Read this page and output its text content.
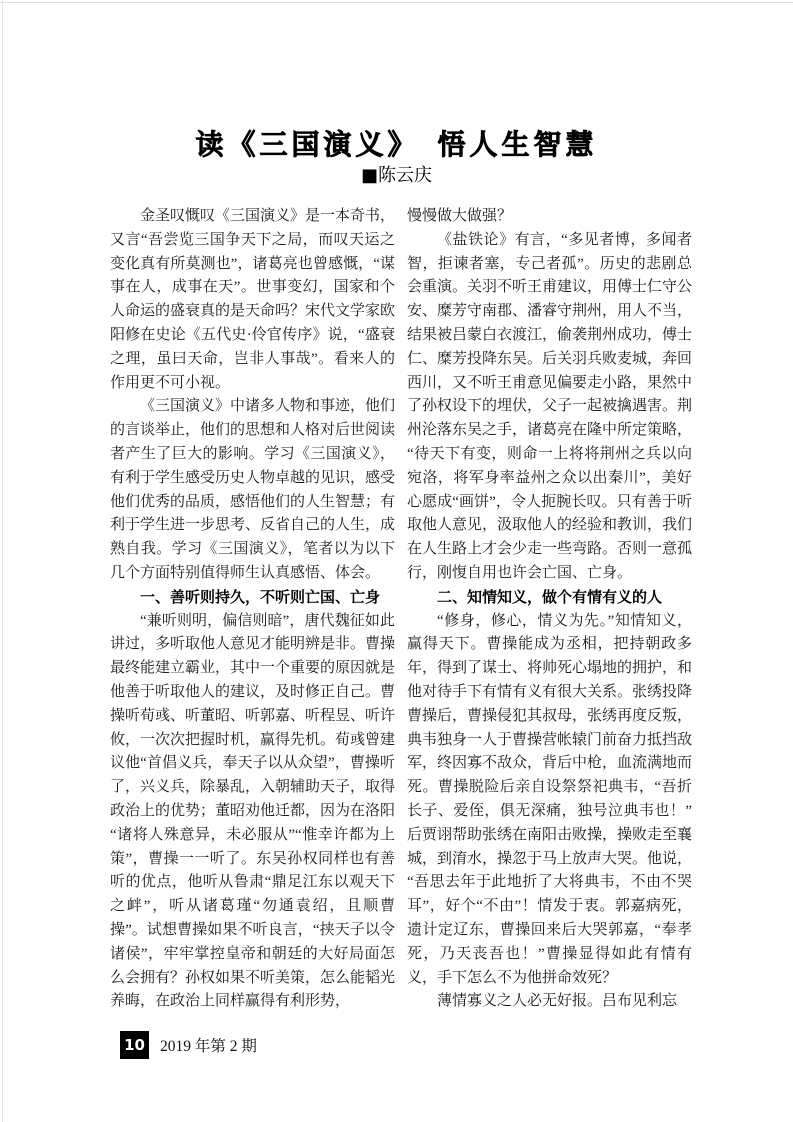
读《三国演义》　悟人生智慧
■陈云庆
金圣叹慨叹《三国演义》是一本奇书，又言“吾尝览三国争天下之局，而叹天运之变化真有所莫测也”，诸葛亮也曾感慨，“谋事在人，成事在天”。世事变幻，国家和个人命运的盛衰真的是天命吗？宋代文学家欧阳修在史论《五代史·伶官传序》说，“盛衰之理，虽曰天命，岂非人事哉”。看来人的作用更不可小视。
《三国演义》中诸多人物和事迹，他们的言谈举止，他们的思想和人格对后世阅读者产生了巨大的影响。学习《三国演义》，有利于学生感受历史人物卓越的见识，感受他们优秀的品质，感悟他们的人生智慧；有利于学生进一步思考、反省自己的人生，成熟自我。学习《三国演义》，笔者以为以下几个方面特别值得师生认真感悟、体会。
一、善听则持久，不听则亡国、亡身
“兼听则明，偏信则暗”，唐代魏征如此讲过，多听取他人意见才能明辨是非。曹操最终能建立霸业，其中一个重要的原因就是他善于听取他人的建议，及时修正自己。曹操听荀彧、听董昭、听郭嘉、听程昱、听许攸，一次次把握时机，赢得先机。荀彧曾建议他“首倡义兵，奉天子以从众望”，曹操听了，兴义兵，除暴乱，入朝辅助天子，取得政治上的优势；董昭劝他迁都，因为在洛阳“诸将人殊意异，未必服从”“惟幸许都为上策”，曹操一一听了。东吴孙权同样也有善听的优点，他听从鲁肃“鼎足江东以观天下之衅”，听从诸葛瑾“勿通袁绍，且顺曹操”。试想曹操如果不听良言，“挟天子以令诸侯”，牢牢掌控皇帝和朝廷的大好局面怎么会拥有？孙权如果不听美策，怎么能韬光养晦，在政治上同样赢得有利形势，
慢慢做大做强？
《盐铁论》有言，“多见者博，多闻者智，拒谏者塞，专己者孤”。历史的悲剧总会重演。关羽不听王甫建议，用傅士仁守公安、糜芳守南郡、潘睿守荆州，用人不当，结果被吕蒙白衣渡江，偷袭荆州成功，傅士仁、糜芳投降东吴。后关羽兵败麦城，奔回西川，又不听王甫意见偏要走小路，果然中了孙权设下的埋伏，父子一起被擒遇害。荆州沦落东吴之手，诸葛亮在隆中所定策略，“待天下有变，则命一上将将荆州之兵以向宛洛，将军身率益州之众以出秦川”，美好心愿成“画饼”，令人扼腕长叹。只有善于听取他人意见，汲取他人的经验和教训，我们在人生路上才会少走一些弯路。否则一意孤行，刚愎自用也许会亡国、亡身。
二、知情知义，做个有情有义的人
“修身，修心，情义为先。”知情知义，赢得天下。曹操能成为丞相，把持朝政多年，得到了谋士、将帅死心塌地的拥护，和他对待手下有情有义有很大关系。张绣投降曹操后，曹操侵犯其叔母，张绣再度反叛，典韦独身一人于曹操营帐辕门前奋力抵挡敌军，终因寡不敌众，背后中枪，血流满地而死。曹操脱险后亲自设祭祭祀典韦，“吾折长子、爱侄，俱无深痛，独号泣典韦也！”后贾诩帮助张绣在南阳击败操，操败走至襄城，到淯水，操忽于马上放声大哭。他说，“吾思去年于此地折了大将典韦，不由不哭耳”，好个“不由”！情发于衷。郭嘉病死，遗计定辽东，曹操回来后大哭郭嘉，“奉孝死，乃天丧吾也！”曹操显得如此有情有义，手下怎么不为他拼命效死？
薄情寡义之人必无好报。吕布见利忘
10 2019 年第 2 期
